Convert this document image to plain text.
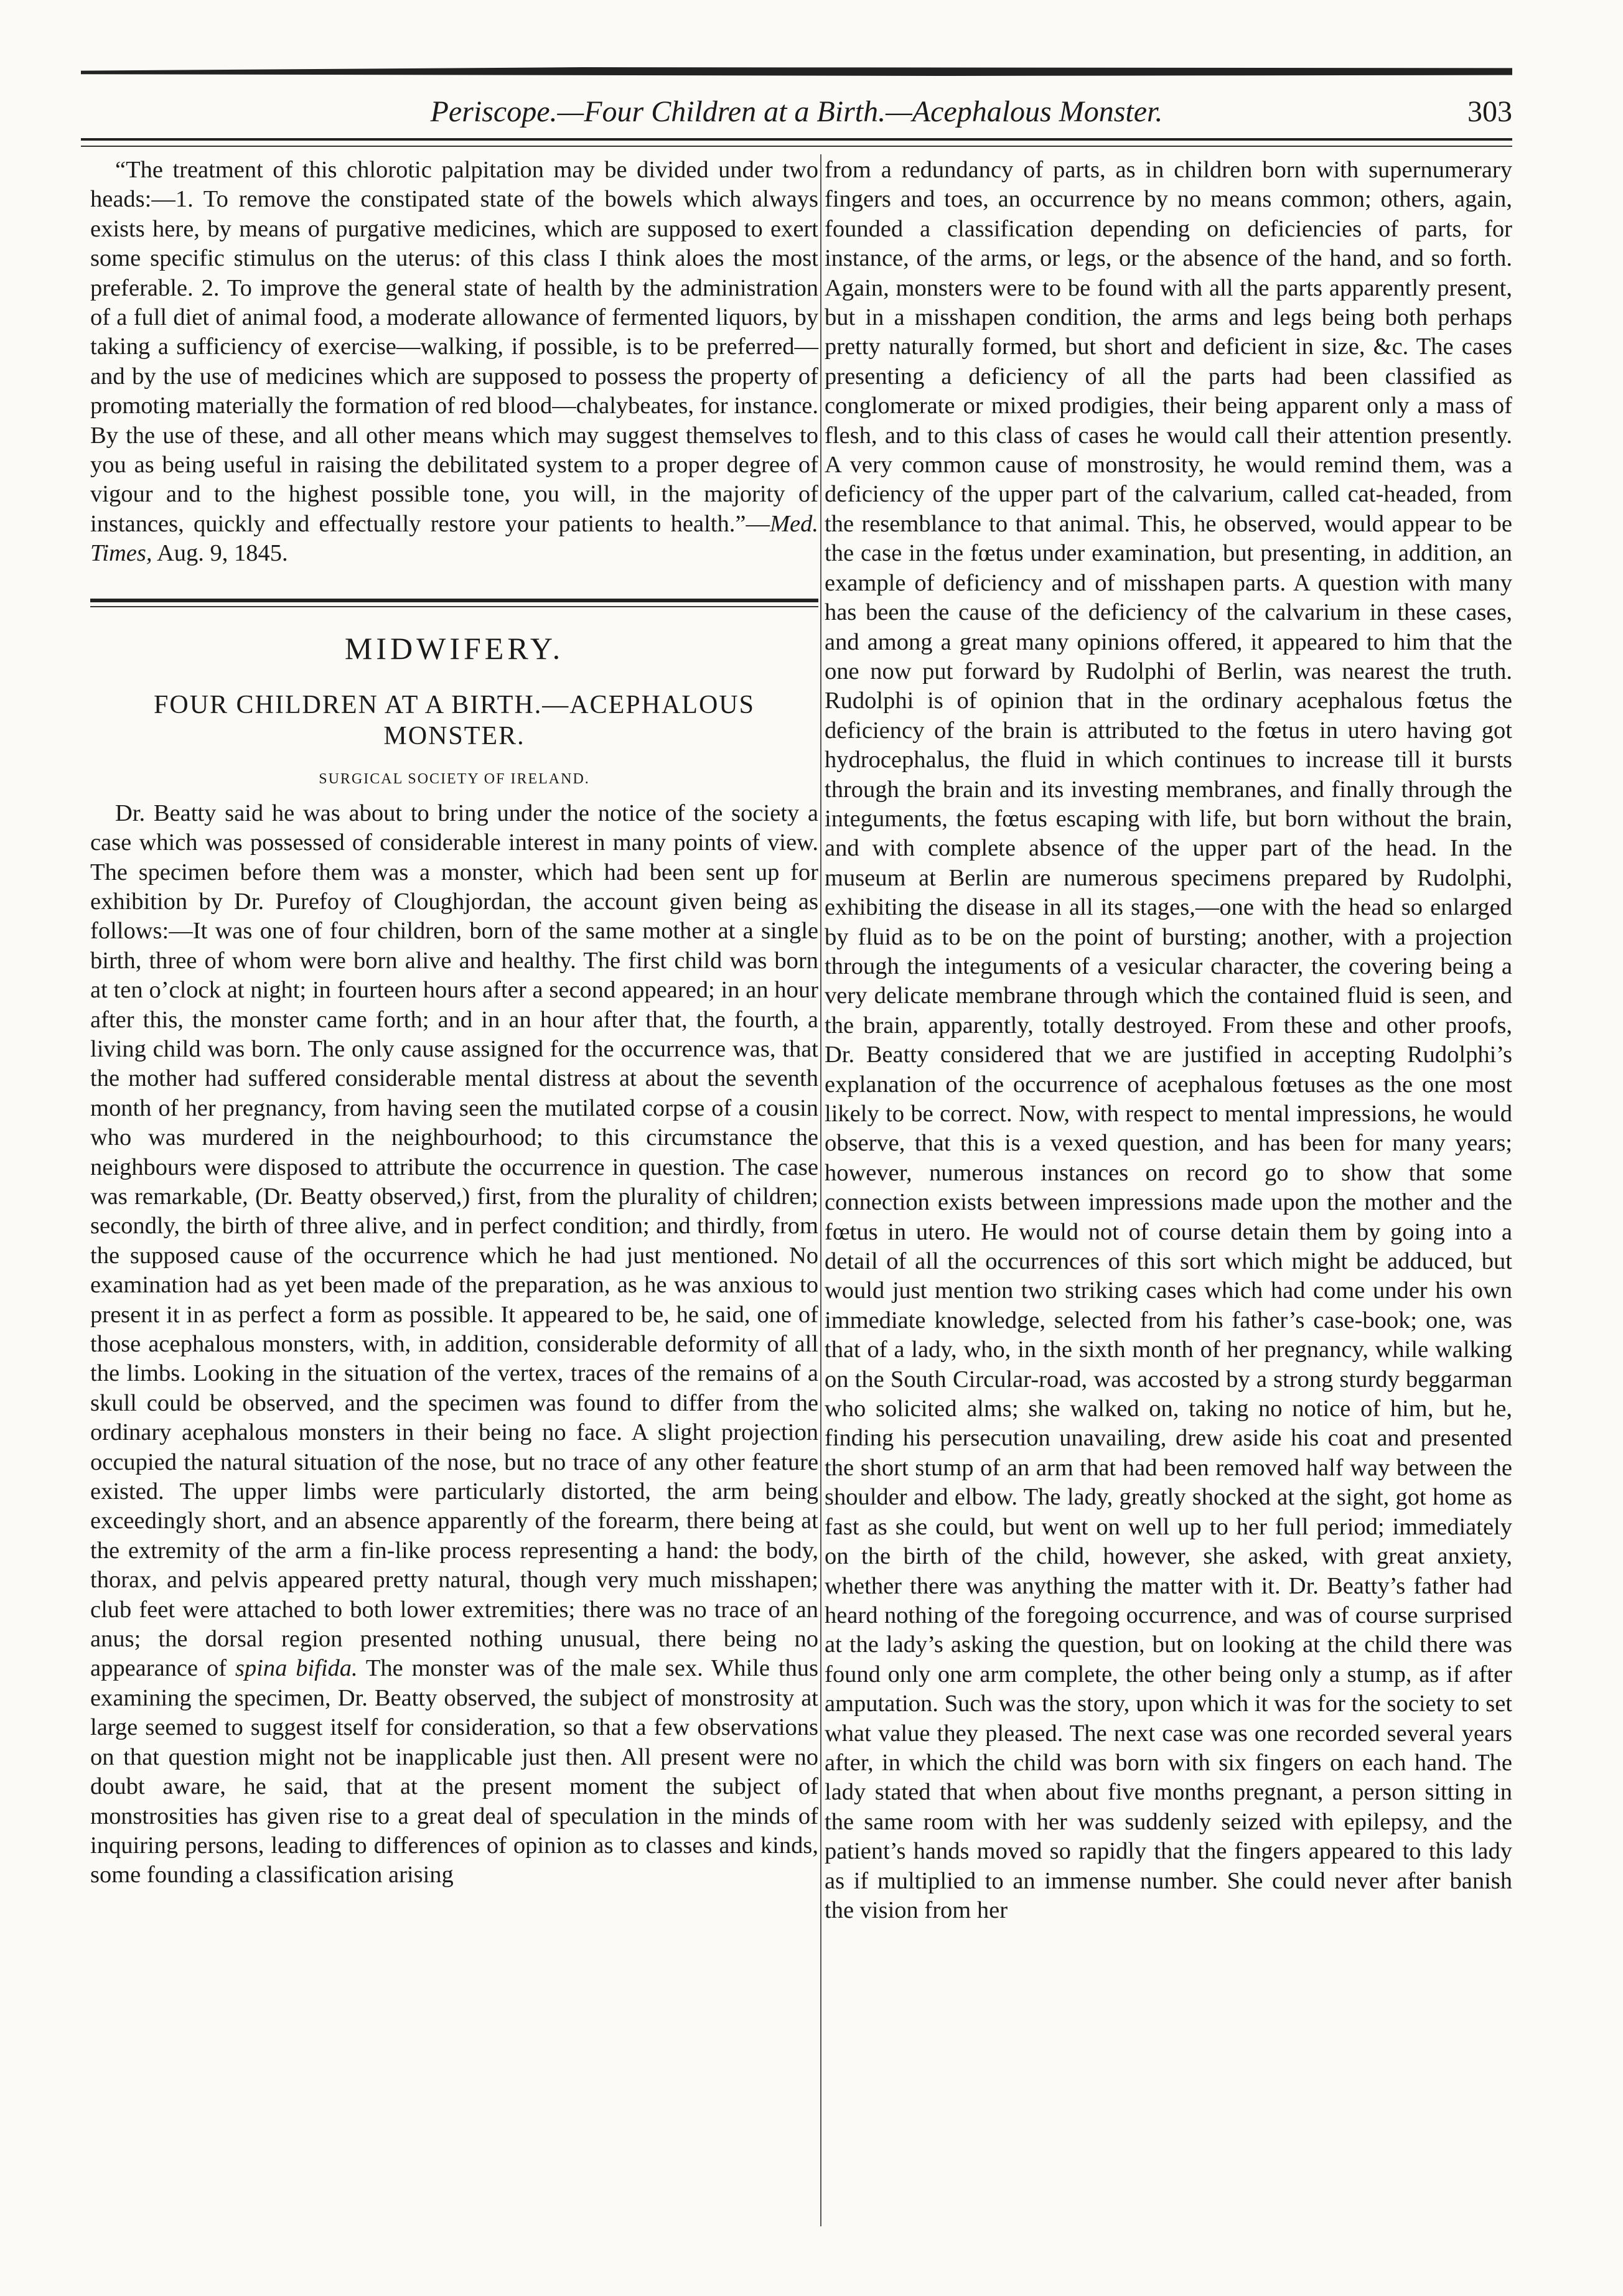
Periscope.—Four Children at a Birth.—Acephalous Monster.	303

“The treatment of this chlorotic palpitation may be divided under two heads:—1. To remove the constipated state of the bowels which always exists here, by means of purgative medicines, which are supposed to exert some specific stimulus on the uterus: of this class I think aloes the most preferable. 2. To improve the general state of health by the administration of a full diet of animal food, a moderate allowance of fermented liquors, by taking a sufficiency of exercise—walking, if possible, is to be preferred—and by the use of medicines which are supposed to possess the property of promoting materially the formation of red blood—chalybeates, for instance. By the use of these, and all other means which may suggest themselves to you as being useful in raising the debilitated system to a proper degree of vigour and to the highest possible tone, you will, in the majority of instances, quickly and effectually restore your patients to health.”—Med. Times, Aug. 9, 1845.

MIDWIFERY.
FOUR CHILDREN AT A BIRTH.—ACEPHALOUS MONSTER.
SURGICAL SOCIETY OF IRELAND.

Dr. Beatty said he was about to bring under the notice of the society a case which was possessed of considerable interest in many points of view. The specimen before them was a monster, which had been sent up for exhibition by Dr. Purefoy of Cloughjordan, the account given being as follows:—It was one of four children, born of the same mother at a single birth, three of whom were born alive and healthy. The first child was born at ten o’clock at night; in fourteen hours after a second appeared; in an hour after this, the monster came forth; and in an hour after that, the fourth, a living child was born. The only cause assigned for the occurrence was, that the mother had suffered considerable mental distress at about the seventh month of her pregnancy, from having seen the mutilated corpse of a cousin who was murdered in the neighbourhood; to this circumstance the neighbours were disposed to attribute the occurrence in question. The case was remarkable, (Dr. Beatty observed,) first, from the plurality of children; secondly, the birth of three alive, and in perfect condition; and thirdly, from the supposed cause of the occurrence which he had just mentioned. No examination had as yet been made of the preparation, as he was anxious to present it in as perfect a form as possible. It appeared to be, he said, one of those acephalous monsters, with, in addition, considerable deformity of all the limbs. Looking in the situation of the vertex, traces of the remains of a skull could be observed, and the specimen was found to differ from the ordinary acephalous monsters in their being no face. A slight projection occupied the natural situation of the nose, but no trace of any other feature existed. The upper limbs were particularly distorted, the arm being exceedingly short, and an absence apparently of the forearm, there being at the extremity of the arm a fin-like process representing a hand: the body, thorax, and pelvis appeared pretty natural, though very much misshapen; club feet were attached to both lower extremities; there was no trace of an anus; the dorsal region presented nothing unusual, there being no appearance of spina bifida. The monster was of the male sex. While thus examining the specimen, Dr. Beatty observed, the subject of monstrosity at large seemed to suggest itself for consideration, so that a few observations on that question might not be inapplicable just then. All present were no doubt aware, he said, that at the present moment the subject of monstrosities has given rise to a great deal of speculation in the minds of inquiring persons, leading to differences of opinion as to classes and kinds, some founding a classification arising

from a redundancy of parts, as in children born with supernumerary fingers and toes, an occurrence by no means common; others, again, founded a classification depending on deficiencies of parts, for instance, of the arms, or legs, or the absence of the hand, and so forth. Again, monsters were to be found with all the parts apparently present, but in a misshapen condition, the arms and legs being both perhaps pretty naturally formed, but short and deficient in size, &c. The cases presenting a deficiency of all the parts had been classified as conglomerate or mixed prodigies, their being apparent only a mass of flesh, and to this class of cases he would call their attention presently. A very common cause of monstrosity, he would remind them, was a deficiency of the upper part of the calvarium, called cat-headed, from the resemblance to that animal. This, he observed, would appear to be the case in the fœtus under examination, but presenting, in addition, an example of deficiency and of misshapen parts. A question with many has been the cause of the deficiency of the calvarium in these cases, and among a great many opinions offered, it appeared to him that the one now put forward by Rudolphi of Berlin, was nearest the truth. Rudolphi is of opinion that in the ordinary acephalous fœtus the deficiency of the brain is attributed to the fœtus in utero having got hydrocephalus, the fluid in which continues to increase till it bursts through the brain and its investing membranes, and finally through the integuments, the fœtus escaping with life, but born without the brain, and with complete absence of the upper part of the head. In the museum at Berlin are numerous specimens prepared by Rudolphi, exhibiting the disease in all its stages,—one with the head so enlarged by fluid as to be on the point of bursting; another, with a projection through the integuments of a vesicular character, the covering being a very delicate membrane through which the contained fluid is seen, and the brain, apparently, totally destroyed. From these and other proofs, Dr. Beatty considered that we are justified in accepting Rudolphi’s explanation of the occurrence of acephalous fœtuses as the one most likely to be correct. Now, with respect to mental impressions, he would observe, that this is a vexed question, and has been for many years; however, numerous instances on record go to show that some connection exists between impressions made upon the mother and the fœtus in utero. He would not of course detain them by going into a detail of all the occurrences of this sort which might be adduced, but would just mention two striking cases which had come under his own immediate knowledge, selected from his father’s case-book; one, was that of a lady, who, in the sixth month of her pregnancy, while walking on the South Circular-road, was accosted by a strong sturdy beggarman who solicited alms; she walked on, taking no notice of him, but he, finding his persecution unavailing, drew aside his coat and presented the short stump of an arm that had been removed half way between the shoulder and elbow. The lady, greatly shocked at the sight, got home as fast as she could, but went on well up to her full period; immediately on the birth of the child, however, she asked, with great anxiety, whether there was anything the matter with it. Dr. Beatty’s father had heard nothing of the foregoing occurrence, and was of course surprised at the lady’s asking the question, but on looking at the child there was found only one arm complete, the other being only a stump, as if after amputation. Such was the story, upon which it was for the society to set what value they pleased. The next case was one recorded several years after, in which the child was born with six fingers on each hand. The lady stated that when about five months pregnant, a person sitting in the same room with her was suddenly seized with epilepsy, and the patient’s hands moved so rapidly that the fingers appeared to this lady as if multiplied to an immense number. She could never after banish the vision from her
